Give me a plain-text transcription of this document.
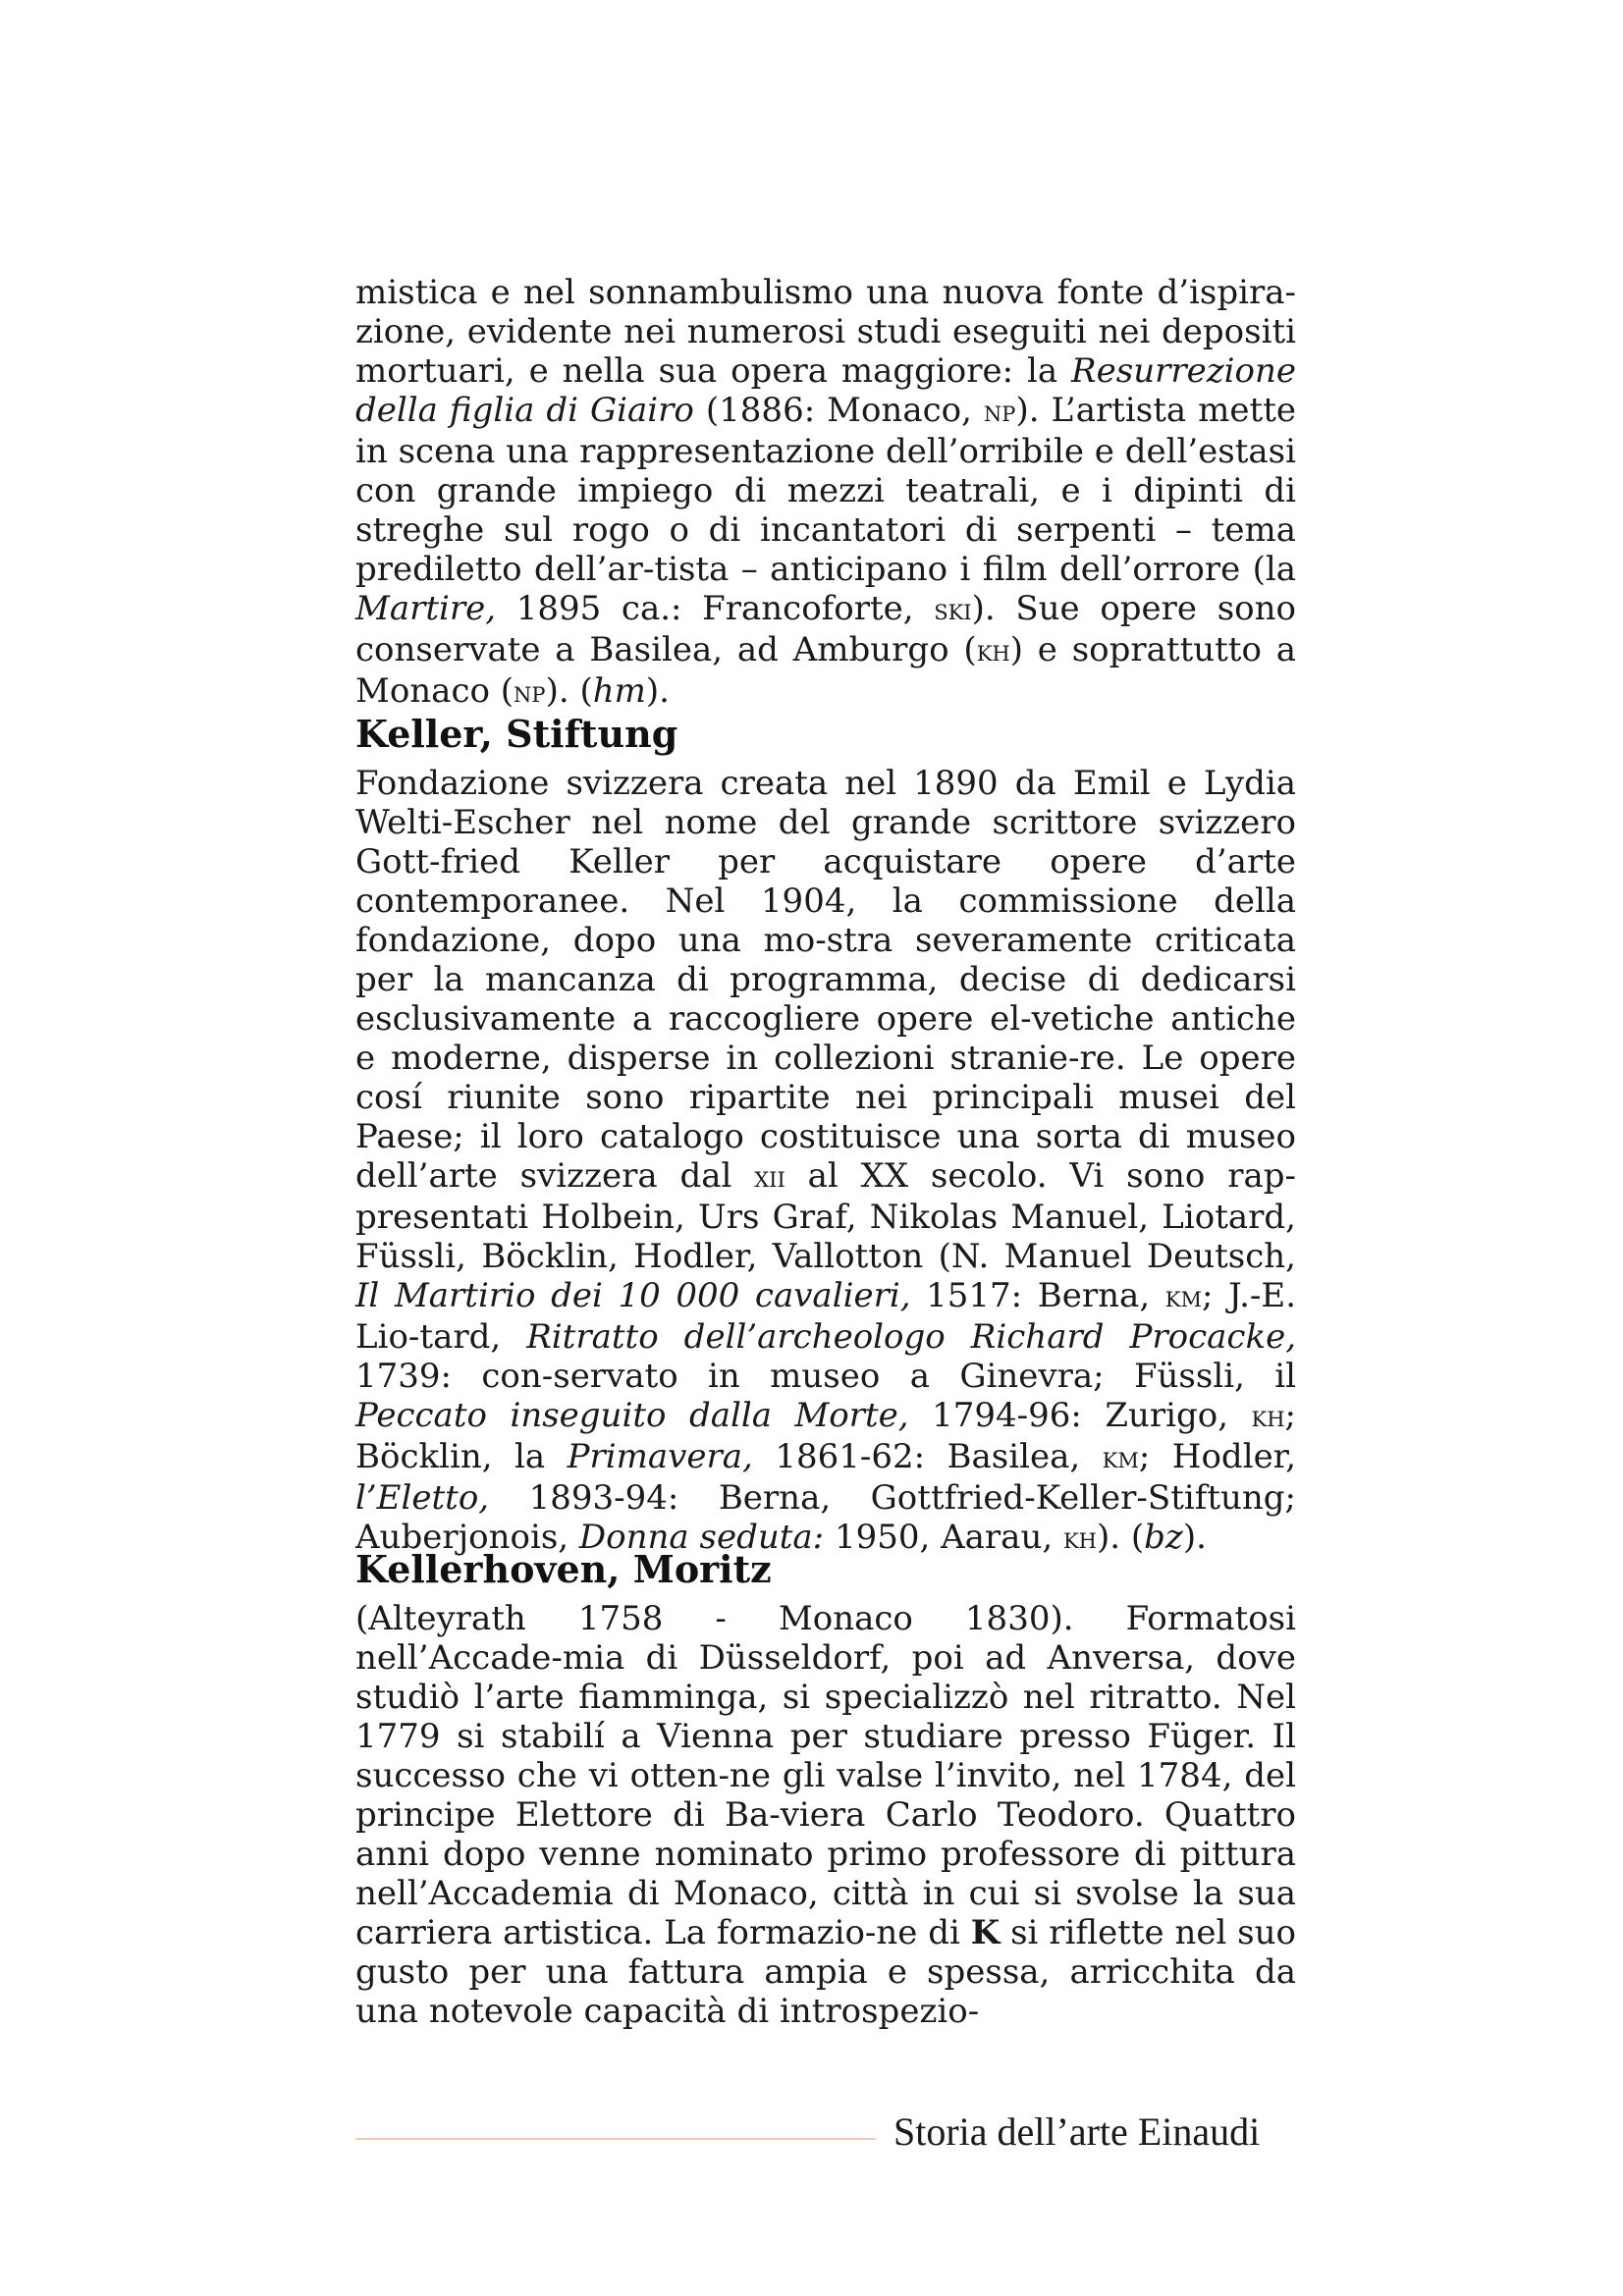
mistica e nel sonnambulismo una nuova fonte d’ispira-zione, evidente nei numerosi studi eseguiti nei depositi mortuari, e nella sua opera maggiore: la Resurrezione della figlia di Giairo (1886: Monaco, np). L’artista mette in scena una rappresentazione dell’orribile e dell’estasi con grande impiego di mezzi teatrali, e i dipinti di streghe sul rogo o di incantatori di serpenti – tema prediletto dell’ar-tista – anticipano i film dell’orrore (la Martire, 1895 ca.: Francoforte, ski). Sue opere sono conservate a Basilea, ad Amburgo (kh) e soprattutto a Monaco (np). (hm).

Keller, Stiftung

Fondazione svizzera creata nel 1890 da Emil e Lydia Welti-Escher nel nome del grande scrittore svizzero Gott-fried Keller per acquistare opere d’arte contemporanee. Nel 1904, la commissione della fondazione, dopo una mo-stra severamente criticata per la mancanza di programma, decise di dedicarsi esclusivamente a raccogliere opere el-vetiche antiche e moderne, disperse in collezioni stranie-re. Le opere cosí riunite sono ripartite nei principali musei del Paese; il loro catalogo costituisce una sorta di museo dell’arte svizzera dal xii al XX secolo. Vi sono rap-presentati Holbein, Urs Graf, Nikolas Manuel, Liotard, Füssli, Böcklin, Hodler, Vallotton (N. Manuel Deutsch, Il Martirio dei 10 000 cavalieri, 1517: Berna, km; J.-E. Lio-tard, Ritratto dell’archeologo Richard Procacke, 1739: con-servato in museo a Ginevra; Füssli, il Peccato inseguito dalla Morte, 1794-96: Zurigo, kh; Böcklin, la Primavera, 1861-62: Basilea, km; Hodler, l’Eletto, 1893-94: Berna, Gottfried-Keller-Stiftung; Auberjonois, Donna seduta: 1950, Aarau, kh). (bz).

Kellerhoven, Moritz

(Alteyrath 1758 - Monaco 1830). Formatosi nell’Accade-mia di Düsseldorf, poi ad Anversa, dove studiò l’arte fiamminga, si specializzò nel ritratto. Nel 1779 si stabilí a Vienna per studiare presso Füger. Il successo che vi otten-ne gli valse l’invito, nel 1784, del principe Elettore di Ba-viera Carlo Teodoro. Quattro anni dopo venne nominato primo professore di pittura nell’Accademia di Monaco, città in cui si svolse la sua carriera artistica. La formazio-ne di K si riflette nel suo gusto per una fattura ampia e spessa, arricchita da una notevole capacità di introspezio-

Storia dell’arte Einaudi
